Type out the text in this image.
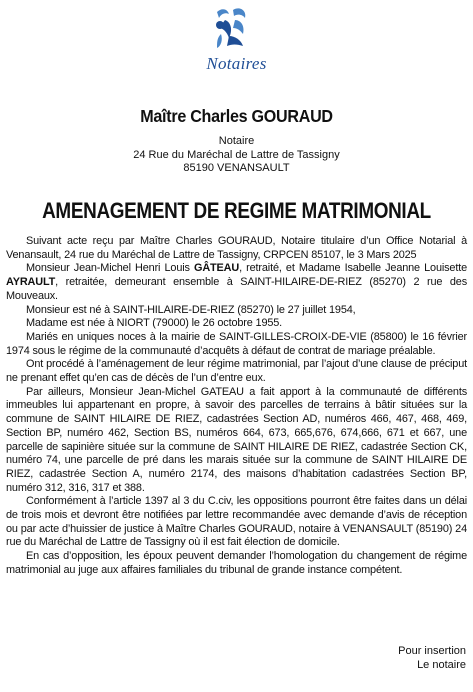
Notaires
Maître Charles GOURAUD
Notaire
24 Rue du Maréchal de Lattre de Tassigny
85190 VENANSAULT
AMENAGEMENT DE REGIME MATRIMONIAL

Suivant acte reçu par Maître Charles GOURAUD, Notaire titulaire d’un Office Notarial à Venansault, 24 rue du Maréchal de Lattre de Tassigny, CRPCEN 85107, le 3 Mars 2025

Monsieur Jean-Michel Henri Louis GÂTEAU, retraité, et Madame Isabelle Jeanne Louisette AYRAULT, retraitée, demeurant ensemble à SAINT-HILAIRE-DE-RIEZ (85270) 2 rue des Mouveaux.

Monsieur est né à SAINT-HILAIRE-DE-RIEZ (85270) le 27 juillet 1954,

Madame est née à NIORT (79000) le 26 octobre 1955.

Mariés en uniques noces à la mairie de SAINT-GILLES-CROIX-DE-VIE (85800) le 16 février 1974 sous le régime de la communauté d’acquêts à défaut de contrat de mariage préalable.

Ont procédé à l’aménagement de leur régime matrimonial, par l’ajout d’une clause de préciput ne prenant effet qu’en cas de décès de l’un d’entre eux.

Par ailleurs, Monsieur Jean-Michel GATEAU a fait apport à la communauté de différents immeubles lui appartenant en propre, à savoir des parcelles de terrains à bâtir situées sur la commune de SAINT HILAIRE DE RIEZ, cadastrées Section AD, numéros 466, 467, 468, 469, Section BP, numéro 462, Section BS, numéros 664, 673, 665,676, 674,666, 671 et 667, une parcelle de sapinière située sur la commune de SAINT HILAIRE DE RIEZ, cadastrée Section CK, numéro 74, une parcelle de pré dans les marais située sur la commune de SAINT HILAIRE DE RIEZ, cadastrée Section A, numéro 2174, des maisons d’habitation cadastrées Section BP, numéro 312, 316, 317 et 388.

Conformément à l’article 1397 al 3 du C.civ, les oppositions pourront être faites dans un délai de trois mois et devront être notifiées par lettre recommandée avec demande d’avis de réception ou par acte d’huissier de justice à Maître Charles GOURAUD, notaire à VENANSAULT (85190) 24 rue du Maréchal de Lattre de Tassigny où il est fait élection de domicile.

En cas d’opposition, les époux peuvent demander l’homologation du changement de régime matrimonial au juge aux affaires familiales du tribunal de grande instance compétent.

Pour insertion
Le notaire
